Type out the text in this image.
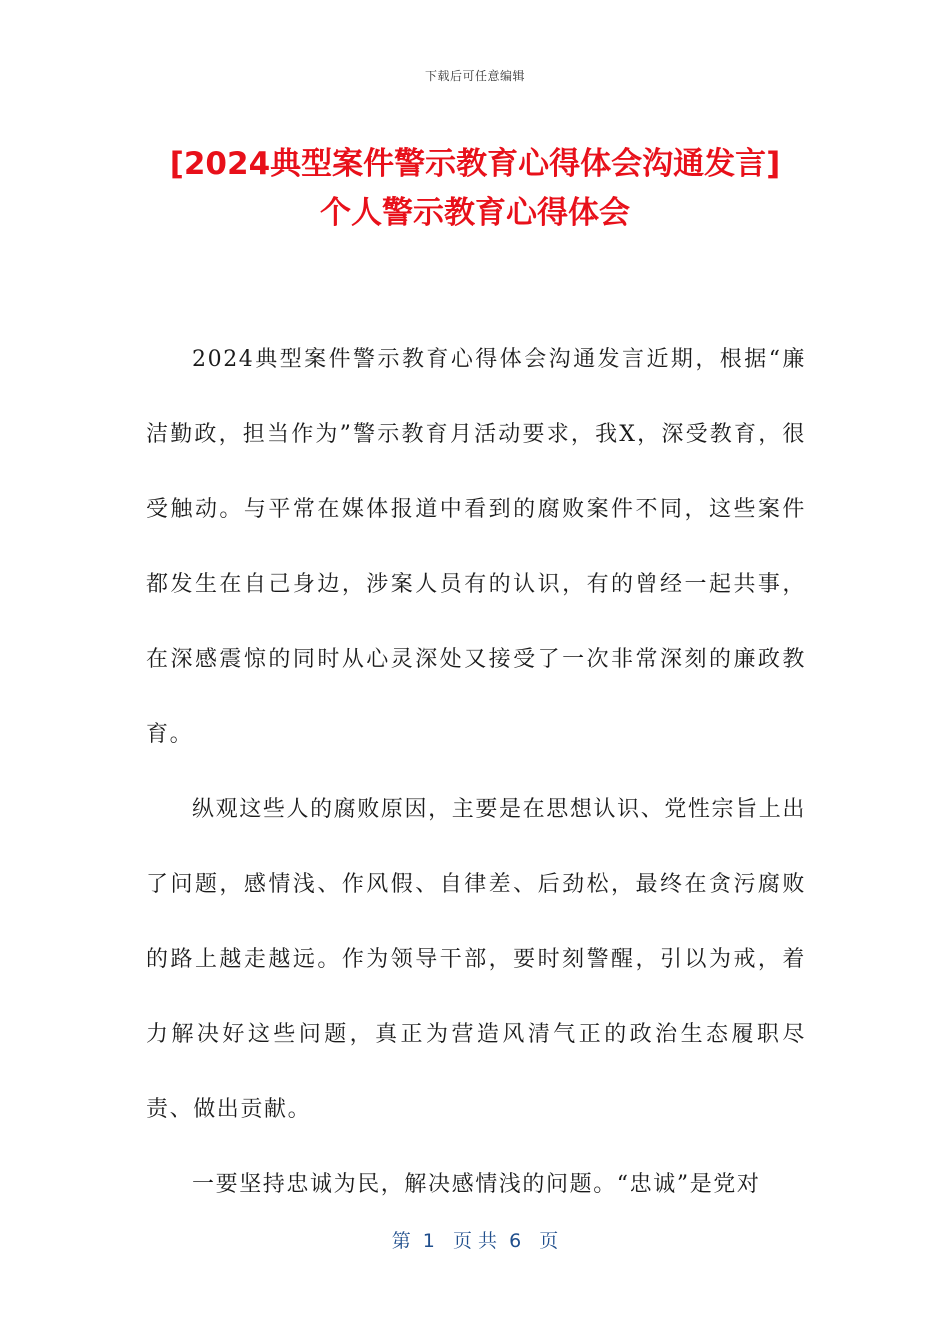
下载后可任意编辑
[2024典型案件警示教育心得体会沟通发言]
个人警示教育心得体会

2024典型案件警示教育心得体会沟通发言近期，根据“廉洁勤政，担当作为”警示教育月活动要求，我X，深受教育，很受触动。与平常在媒体报道中看到的腐败案件不同，这些案件都发生在自己身边，涉案人员有的认识，有的曾经一起共事，在深感震惊的同时从心灵深处又接受了一次非常深刻的廉政教育。

纵观这些人的腐败原因，主要是在思想认识、党性宗旨上出了问题，感情浅、作风假、自律差、后劲松，最终在贪污腐败的路上越走越远。作为领导干部，要时刻警醒，引以为戒，着力解决好这些问题，真正为营造风清气正的政治生态履职尽责、做出贡献。

一要坚持忠诚为民，解决感情浅的问题。“忠诚”是党对

第  1   页 共  6   页
